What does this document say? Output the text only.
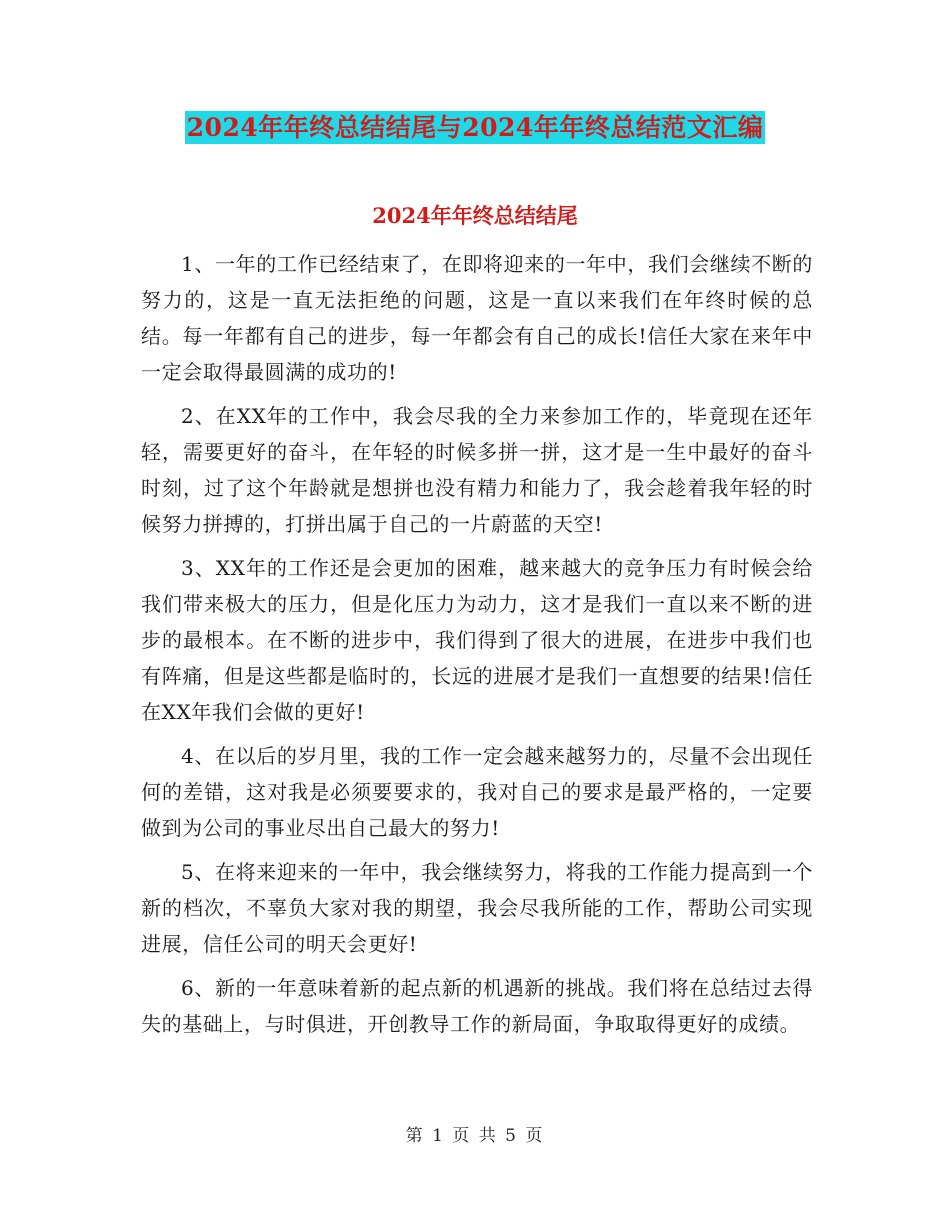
2024年年终总结结尾与2024年年终总结范文汇编
2024年年终总结结尾

1、一年的工作已经结束了，在即将迎来的一年中，我们会继续不断的努力的，这是一直无法拒绝的问题，这是一直以来我们在年终时候的总结。每一年都有自己的进步，每一年都会有自己的成长!信任大家在来年中一定会取得最圆满的成功的!

2、在XX年的工作中，我会尽我的全力来参加工作的，毕竟现在还年轻，需要更好的奋斗，在年轻的时候多拼一拼，这才是一生中最好的奋斗时刻，过了这个年龄就是想拼也没有精力和能力了，我会趁着我年轻的时候努力拼搏的，打拼出属于自己的一片蔚蓝的天空!

3、XX年的工作还是会更加的困难，越来越大的竞争压力有时候会给我们带来极大的压力，但是化压力为动力，这才是我们一直以来不断的进步的最根本。在不断的进步中，我们得到了很大的进展，在进步中我们也有阵痛，但是这些都是临时的，长远的进展才是我们一直想要的结果!信任在XX年我们会做的更好!

4、在以后的岁月里，我的工作一定会越来越努力的，尽量不会出现任何的差错，这对我是必须要要求的，我对自己的要求是最严格的，一定要做到为公司的事业尽出自己最大的努力!

5、在将来迎来的一年中，我会继续努力，将我的工作能力提高到一个新的档次，不辜负大家对我的期望，我会尽我所能的工作，帮助公司实现进展，信任公司的明天会更好!

6、新的一年意味着新的起点新的机遇新的挑战。我们将在总结过去得失的基础上，与时俱进，开创教导工作的新局面，争取取得更好的成绩。

第 1 页 共 5 页
